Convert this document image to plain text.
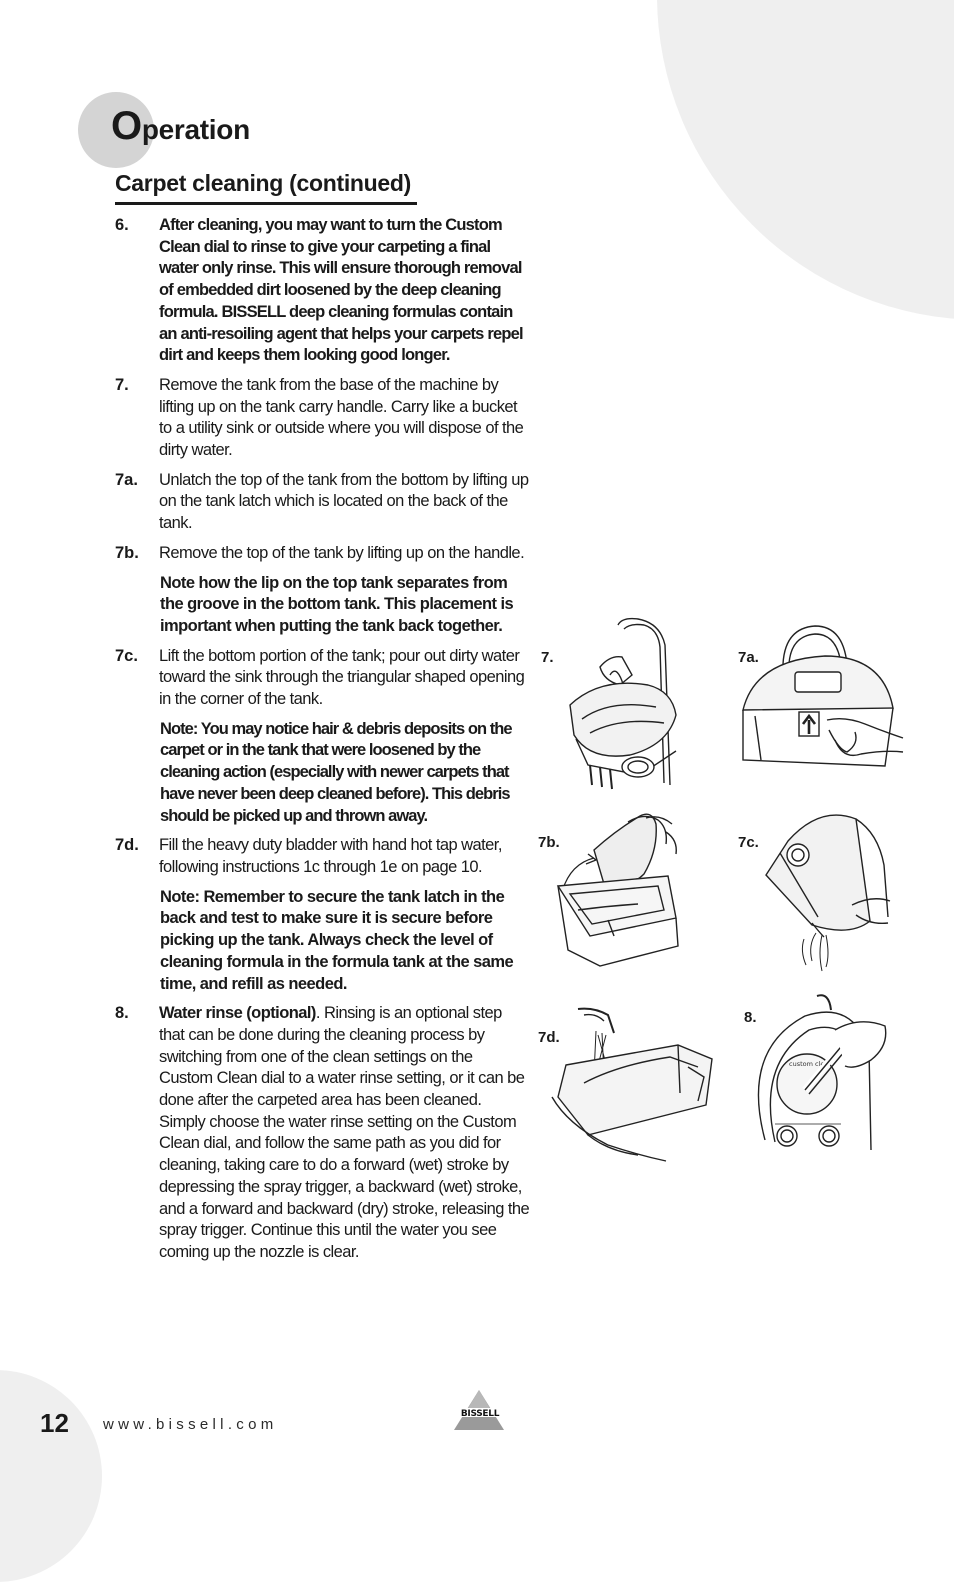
Operation
Carpet cleaning (continued)
6. After cleaning, you may want to turn the Custom Clean dial to rinse to give your carpeting a final water only rinse. This will ensure thorough removal of embedded dirt loosened by the deep cleaning formula. BISSELL deep cleaning formulas contain an anti-resoiling agent that helps your carpets repel dirt and keeps them looking good longer.

7. Remove the tank from the base of the machine by lifting up on the tank carry handle. Carry like a bucket to a utility sink or outside where you will dispose of the dirty water.

7a. Unlatch the top of the tank from the bottom by lifting up on the tank latch which is located on the back of the tank.

7b. Remove the top of the tank by lifting up on the handle.

Note how the lip on the top tank separates from the groove in the bottom tank. This placement is important when putting the tank back together.

7c. Lift the bottom portion of the tank; pour out dirty water toward the sink through the triangular shaped opening in the corner of the tank.

Note: You may notice hair & debris deposits on the carpet or in the tank that were loosened by the cleaning action (especially with newer carpets that have never been deep cleaned before). This debris should be picked up and thrown away.

7d. Fill the heavy duty bladder with hand hot tap water, following instructions 1c through 1e on page 10.

Note: Remember to secure the tank latch in the back and test to make sure it is secure before picking up the tank. Always check the level of cleaning formula in the formula tank at the same time, and refill as needed.

8. Water rinse (optional). Rinsing is an optional step that can be done during the cleaning process by switching from one of the clean settings on the Custom Clean dial to a water rinse setting, or it can be done after the carpeted area has been cleaned. Simply choose the water rinse setting on the Custom Clean dial, and follow the same path as you did for cleaning, taking care to do a forward (wet) stroke by depressing the spray trigger, a backward (wet) stroke, and a forward and backward (dry) stroke, releasing the spray trigger. Continue this until the water you see coming up the nozzle is clear.

7.	7a.
7b.	7c.
7d.
8.
custom cle
12 www.bissell.com
BISSELL
